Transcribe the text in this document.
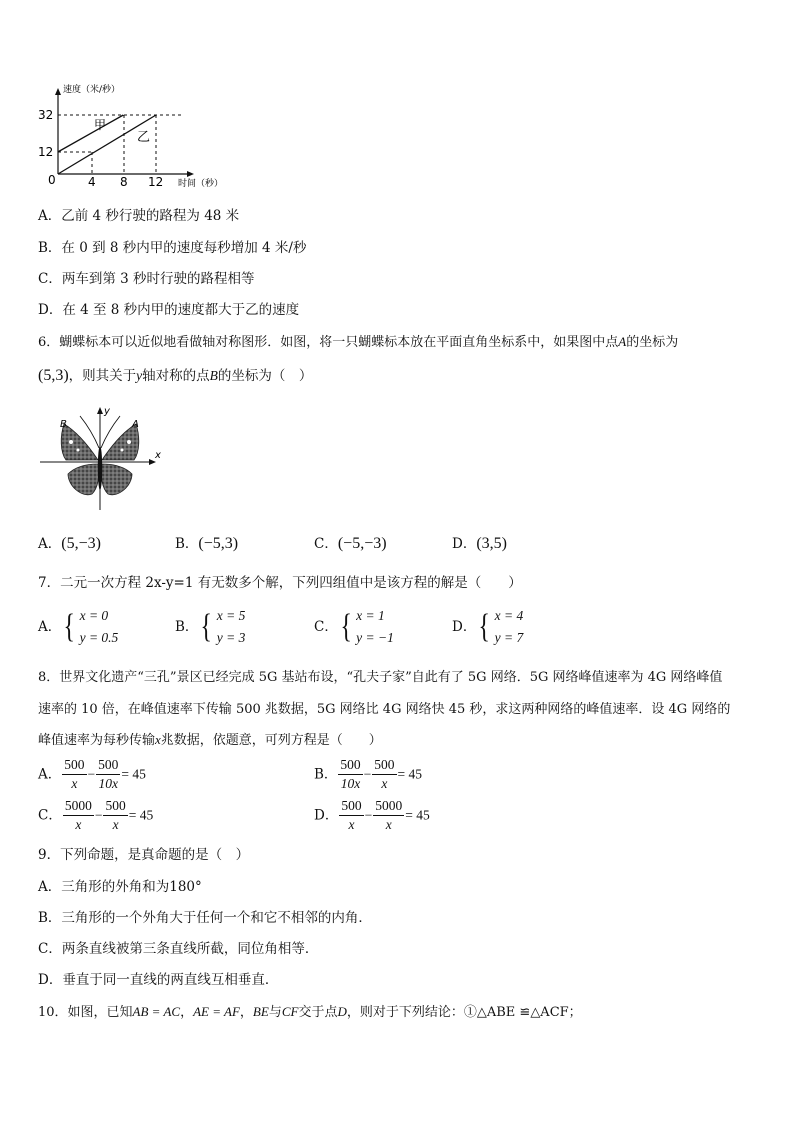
速度（米/秒）
时间（秒）
32
12
0	4 8 12
甲
乙
A．乙前 4 秒行驶的路程为 48 米
B．在 0 到 8 秒内甲的速度每秒增加 4 米/秒
C．两车到第 3 秒时行驶的路程相等
D．在 4 至 8 秒内甲的速度都大于乙的速度
6．蝴蝶标本可以近似地看做轴对称图形．如图，将一只蝴蝶标本放在平面直角坐标系中，如果图中点A的坐标为
(5,3)，则其关于y轴对称的点B的坐标为（　）
B	A
x
y
A．(5,−3)	B．(−5,3)	C．(−5,−3)	D．(3,5)
7．二元一次方程 2x-y=1 有无数多个解，下列四组值中是该方程的解是（　　）
A．{ x = 0
y = 0.5
B．{ x = 5
y = 3
C．{ x = 1
y = −1
D．{ x = 4
y = 7
8．世界文化遗产“三孔”景区已经完成 5G 基站布设，“孔夫子家”自此有了 5G 网络．5G 网络峰值速率为 4G 网络峰值
速率的 10 倍，在峰值速率下传输 500 兆数据，5G 网络比 4G 网络快 45 秒，求这两种网络的峰值速率．设 4G 网络的
峰值速率为每秒传输x兆数据，依题意，可列方程是（　　）
A． $\frac{500}{x} - \frac{500}{10x} = 45$	B． $\frac{500}{10x} - \frac{500}{x} = 45$
C． $\frac{5000}{x} - \frac{500}{x} = 45$	D． $\frac{500}{x} - \frac{5000}{x} = 45$
9．下列命题，是真命题的是（　）
A．三角形的外角和为180°
B．三角形的一个外角大于任何一个和它不相邻的内角．
C．两条直线被第三条直线所截，同位角相等．
D．垂直于同一直线的两直线互相垂直．
10．如图，已知AB = AC，AE = AF，BE与CF交于点D，则对于下列结论：①△ABE ≌△ACF；
